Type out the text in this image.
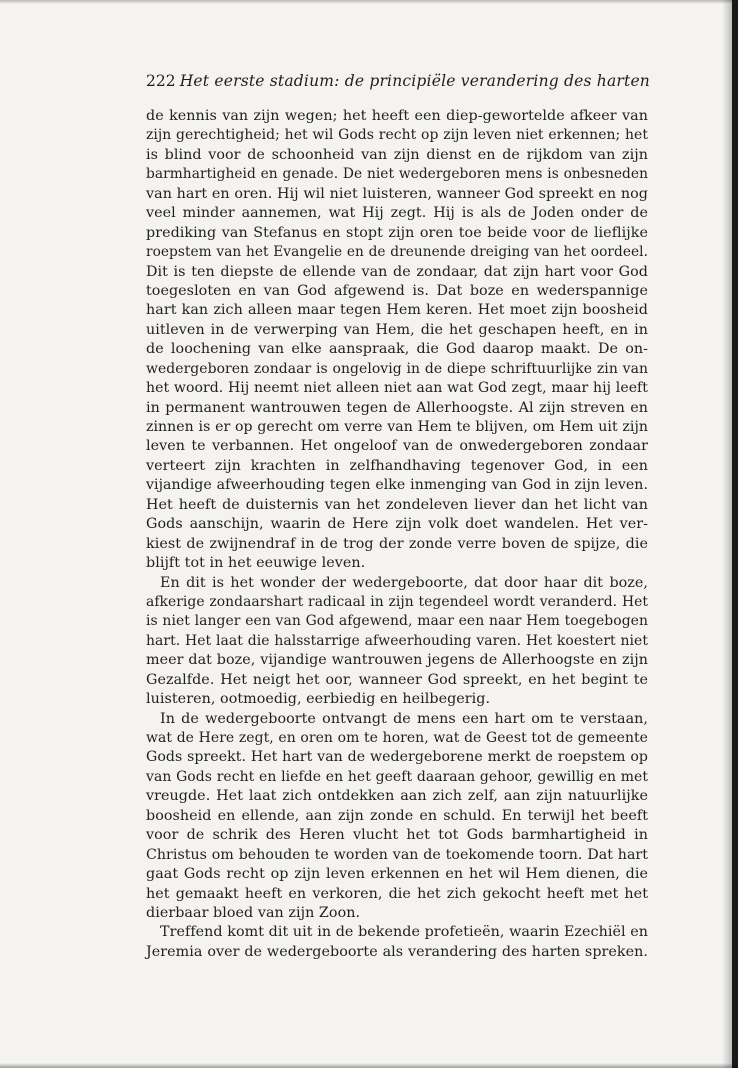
222 Het eerste stadium: de principiële verandering des harten
de kennis van zijn wegen; het heeft een diep-gewortelde afkeer van
zijn gerechtigheid; het wil Gods recht op zijn leven niet erkennen; het
is blind voor de schoonheid van zijn dienst en de rijkdom van zijn
barmhartigheid en genade. De niet wedergeboren mens is onbesneden
van hart en oren. Hij wil niet luisteren, wanneer God spreekt en nog
veel minder aannemen, wat Hij zegt. Hij is als de Joden onder de
prediking van Stefanus en stopt zijn oren toe beide voor de lieflijke
roepstem van het Evangelie en de dreunende dreiging van het oordeel.
Dit is ten diepste de ellende van de zondaar, dat zijn hart voor God
toegesloten en van God afgewend is. Dat boze en wederspannige
hart kan zich alleen maar tegen Hem keren. Het moet zijn boosheid
uitleven in de verwerping van Hem, die het geschapen heeft, en in
de loochening van elke aanspraak, die God daarop maakt. De on-
wedergeboren zondaar is ongelovig in de diepe schriftuurlijke zin van
het woord. Hij neemt niet alleen niet aan wat God zegt, maar hij leeft
in permanent wantrouwen tegen de Allerhoogste. Al zijn streven en
zinnen is er op gerecht om verre van Hem te blijven, om Hem uit zijn
leven te verbannen. Het ongeloof van de onwedergeboren zondaar
verteert zijn krachten in zelfhandhaving tegenover God, in een
vijandige afweerhouding tegen elke inmenging van God in zijn leven.
Het heeft de duisternis van het zondeleven liever dan het licht van
Gods aanschijn, waarin de Here zijn volk doet wandelen. Het ver-
kiest de zwijnendraf in de trog der zonde verre boven de spijze, die
blijft tot in het eeuwige leven.
En dit is het wonder der wedergeboorte, dat door haar dit boze,
afkerige zondaarshart radicaal in zijn tegendeel wordt veranderd. Het
is niet langer een van God afgewend, maar een naar Hem toegebogen
hart. Het laat die halsstarrige afweerhouding varen. Het koestert niet
meer dat boze, vijandige wantrouwen jegens de Allerhoogste en zijn
Gezalfde. Het neigt het oor, wanneer God spreekt, en het begint te
luisteren, ootmoedig, eerbiedig en heilbegerig.
In de wedergeboorte ontvangt de mens een hart om te verstaan,
wat de Here zegt, en oren om te horen, wat de Geest tot de gemeente
Gods spreekt. Het hart van de wedergeborene merkt de roepstem op
van Gods recht en liefde en het geeft daaraan gehoor, gewillig en met
vreugde. Het laat zich ontdekken aan zich zelf, aan zijn natuurlijke
boosheid en ellende, aan zijn zonde en schuld. En terwijl het beeft
voor de schrik des Heren vlucht het tot Gods barmhartigheid in
Christus om behouden te worden van de toekomende toorn. Dat hart
gaat Gods recht op zijn leven erkennen en het wil Hem dienen, die
het gemaakt heeft en verkoren, die het zich gekocht heeft met het
dierbaar bloed van zijn Zoon.
Treffend komt dit uit in de bekende profetieën, waarin Ezechiël en
Jeremia over de wedergeboorte als verandering des harten spreken.
